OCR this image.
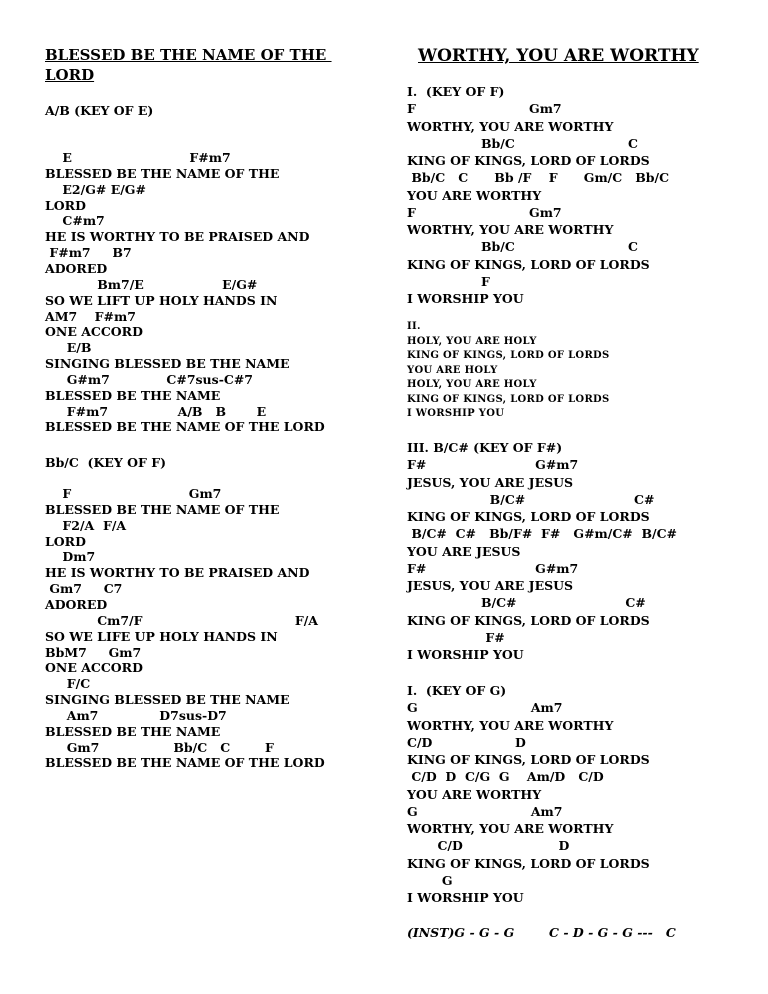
BLESSED BE THE NAME OF THE
LORD
A/B (KEY OF E)
E                           F#m7
BLESSED BE THE NAME OF THE
E2/G# E/G#
LORD
C#m7
HE IS WORTHY TO BE PRAISED AND
F#m7     B7
ADORED
Bm7/E                  E/G#
SO WE LIFT UP HOLY HANDS IN
AM7    F#m7
ONE ACCORD
E/B
SINGING BLESSED BE THE NAME
G#m7             C#7sus-C#7
BLESSED BE THE NAME
F#m7                A/B   B       E
BLESSED BE THE NAME OF THE LORD
Bb/C  (KEY OF F)
F                           Gm7
BLESSED BE THE NAME OF THE
F2/A  F/A
LORD
Dm7
HE IS WORTHY TO BE PRAISED AND
Gm7     C7
ADORED
Cm7/F                                   F/A
SO WE LIFE UP HOLY HANDS IN
BbM7     Gm7
ONE ACCORD
F/C
SINGING BLESSED BE THE NAME
Am7              D7sus-D7
BLESSED BE THE NAME
Gm7                 Bb/C   C        F
BLESSED BE THE NAME OF THE LORD
WORTHY, YOU ARE WORTHY
I.  (KEY OF F)
F                          Gm7
WORTHY, YOU ARE WORTHY
Bb/C                          C
KING OF KINGS, LORD OF LORDS
Bb/C   C      Bb /F    F      Gm/C   Bb/C
YOU ARE WORTHY
F                          Gm7
WORTHY, YOU ARE WORTHY
Bb/C                          C
KING OF KINGS, LORD OF LORDS
F
I WORSHIP YOU
II.
HOLY, YOU ARE HOLY
KING OF KINGS, LORD OF LORDS
YOU ARE HOLY
HOLY, YOU ARE HOLY
KING OF KINGS, LORD OF LORDS
I WORSHIP YOU
III. B/C# (KEY OF F#)
F#                         G#m7
JESUS, YOU ARE JESUS
B/C#                         C#
KING OF KINGS, LORD OF LORDS
B/C#  C#   Bb/F#  F#   G#m/C#  B/C#
YOU ARE JESUS
F#                         G#m7
JESUS, YOU ARE JESUS
B/C#                         C#
KING OF KINGS, LORD OF LORDS
F#
I WORSHIP YOU
I.  (KEY OF G)
G                          Am7
WORTHY, YOU ARE WORTHY
C/D                   D
KING OF KINGS, LORD OF LORDS
C/D  D  C/G  G    Am/D   C/D
YOU ARE WORTHY
G                          Am7
WORTHY, YOU ARE WORTHY
C/D                      D
KING OF KINGS, LORD OF LORDS
G
I WORSHIP YOU
(INST)G - G - G        C - D - G - G ---   C
